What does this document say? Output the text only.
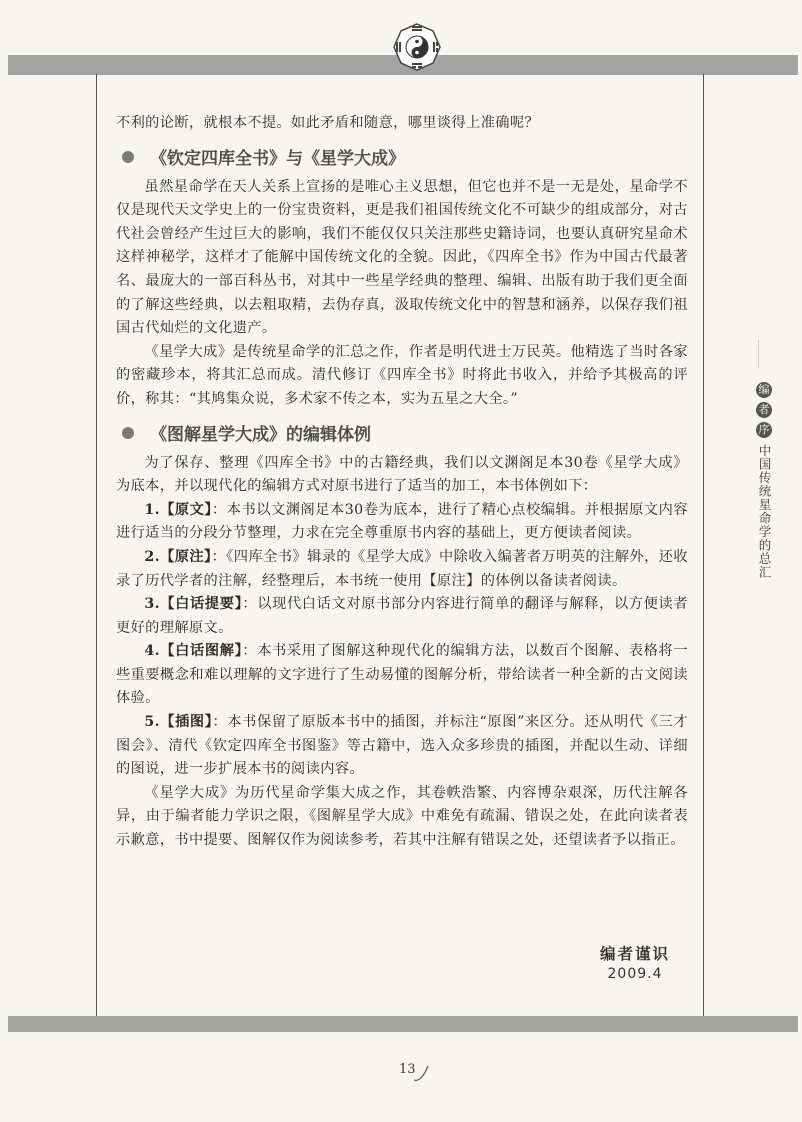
不利的论断，就根本不提。如此矛盾和随意，哪里谈得上准确呢？

《钦定四库全书》与《星学大成》

虽然星命学在天人关系上宣扬的是唯心主义思想，但它也并不是一无是处，星命学不仅是现代天文学史上的一份宝贵资料，更是我们祖国传统文化不可缺少的组成部分，对古代社会曾经产生过巨大的影响，我们不能仅仅只关注那些史籍诗词，也要认真研究星命术这样神秘学，这样才了能解中国传统文化的全貌。因此，《四库全书》作为中国古代最著名、最庞大的一部百科丛书，对其中一些星学经典的整理、编辑、出版有助于我们更全面的了解这些经典，以去粗取精，去伪存真，汲取传统文化中的智慧和涵养，以保存我们祖国古代灿烂的文化遗产。

《星学大成》是传统星命学的汇总之作，作者是明代进士万民英。他精选了当时各家的密藏珍本，将其汇总而成。清代修订《四库全书》时将此书收入，并给予其极高的评价，称其：“其鸠集众说，多术家不传之本，实为五星之大全。”

《图解星学大成》的编辑体例

为了保存、整理《四库全书》中的古籍经典，我们以文渊阁足本30卷《星学大成》为底本，并以现代化的编辑方式对原书进行了适当的加工，本书体例如下：

1.【原文】：本书以文渊阁足本30卷为底本，进行了精心点校编辑。并根据原文内容进行适当的分段分节整理，力求在完全尊重原书内容的基础上，更方便读者阅读。

2.【原注】：《四库全书》辑录的《星学大成》中除收入编著者万明英的注解外，还收录了历代学者的注解，经整理后，本书统一使用【原注】的体例以备读者阅读。

3.【白话提要】：以现代白话文对原书部分内容进行简单的翻译与解释，以方便读者更好的理解原文。

4.【白话图解】：本书采用了图解这种现代化的编辑方法，以数百个图解、表格将一些重要概念和难以理解的文字进行了生动易懂的图解分析，带给读者一种全新的古文阅读体验。

5.【插图】：本书保留了原版本书中的插图，并标注“原图”来区分。还从明代《三才图会》、清代《钦定四库全书图鉴》等古籍中，选入众多珍贵的插图，并配以生动、详细的图说，进一步扩展本书的阅读内容。

《星学大成》为历代星命学集大成之作，其卷帙浩繁、内容博杂艰深，历代注解各异，由于编者能力学识之限，《图解星学大成》中难免有疏漏、错误之处，在此向读者表示歉意，书中提要、图解仅作为阅读参考，若其中注解有错误之处，还望读者予以指正。

编者谨识
2009.4
编
者
序
中国传统星命学的总汇
13
